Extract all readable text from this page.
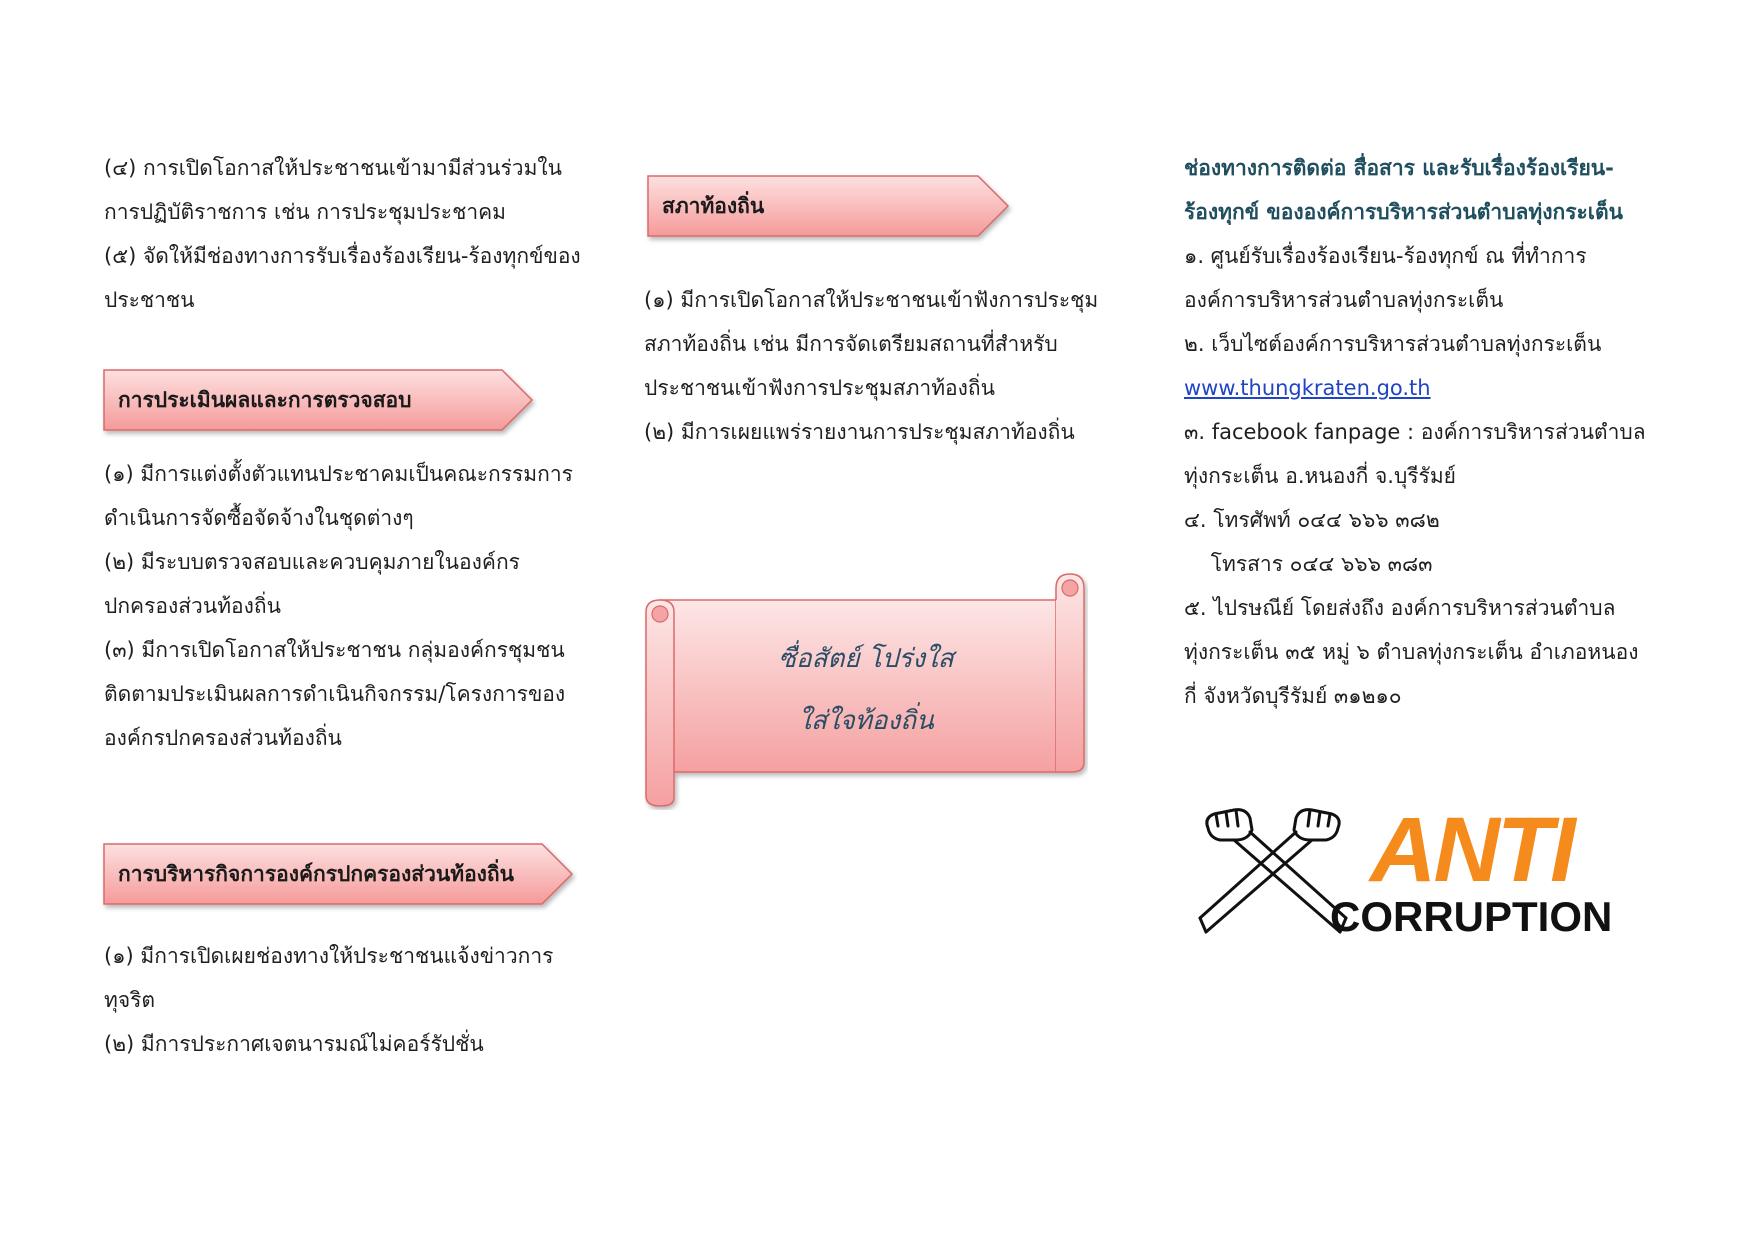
(๔) การเปิดโอกาสให้ประชาชนเข้ามามีส่วนร่วมใน
การปฏิบัติราชการ เช่น การประชุมประชาคม
(๕) จัดให้มีช่องทางการรับเรื่องร้องเรียน-ร้องทุกข์ของ
ประชาชน
การประเมินผลและการตรวจสอบ
(๑) มีการแต่งตั้งตัวแทนประชาคมเป็นคณะกรรมการ
ดำเนินการจัดซื้อจัดจ้างในชุดต่างๆ
(๒) มีระบบตรวจสอบและควบคุมภายในองค์กร
ปกครองส่วนท้องถิ่น
(๓) มีการเปิดโอกาสให้ประชาชน กลุ่มองค์กรชุมชน
ติดตามประเมินผลการดำเนินกิจกรรม/โครงการของ
องค์กรปกครองส่วนท้องถิ่น
การบริหารกิจการองค์กรปกครองส่วนท้องถิ่น
(๑) มีการเปิดเผยช่องทางให้ประชาชนแจ้งข่าวการ
ทุจริต
(๒) มีการประกาศเจตนารมณ์ไม่คอร์รัปชั่น
สภาท้องถิ่น
(๑) มีการเปิดโอกาสให้ประชาชนเข้าฟังการประชุม
สภาท้องถิ่น เช่น มีการจัดเตรียมสถานที่สำหรับ
ประชาชนเข้าฟังการประชุมสภาท้องถิ่น
(๒) มีการเผยแพร่รายงานการประชุมสภาท้องถิ่น
ซื่อสัตย์ โปร่งใส
ใส่ใจท้องถิ่น
ช่องทางการติดต่อ สื่อสาร และรับเรื่องร้องเรียน-
ร้องทุกข์ ขององค์การบริหารส่วนตำบลทุ่งกระเต็น
๑. ศูนย์รับเรื่องร้องเรียน-ร้องทุกข์ ณ ที่ทำการ
องค์การบริหารส่วนตำบลทุ่งกระเต็น
๒. เว็บไซต์องค์การบริหารส่วนตำบลทุ่งกระเต็น
www.thungkraten.go.th
๓. facebook fanpage : องค์การบริหารส่วนตำบล
ทุ่งกระเต็น อ.หนองกี่ จ.บุรีรัมย์
๔. โทรศัพท์ ๐๔๔ ๖๖๖ ๓๘๒
โทรสาร ๐๔๔ ๖๖๖ ๓๘๓
๕. ไปรษณีย์ โดยส่งถึง องค์การบริหารส่วนตำบล
ทุ่งกระเต็น ๓๕ หมู่ ๖ ตำบลทุ่งกระเต็น อำเภอหนอง
กี่ จังหวัดบุรีรัมย์ ๓๑๒๑๐
ANTI
CORRUPTION
